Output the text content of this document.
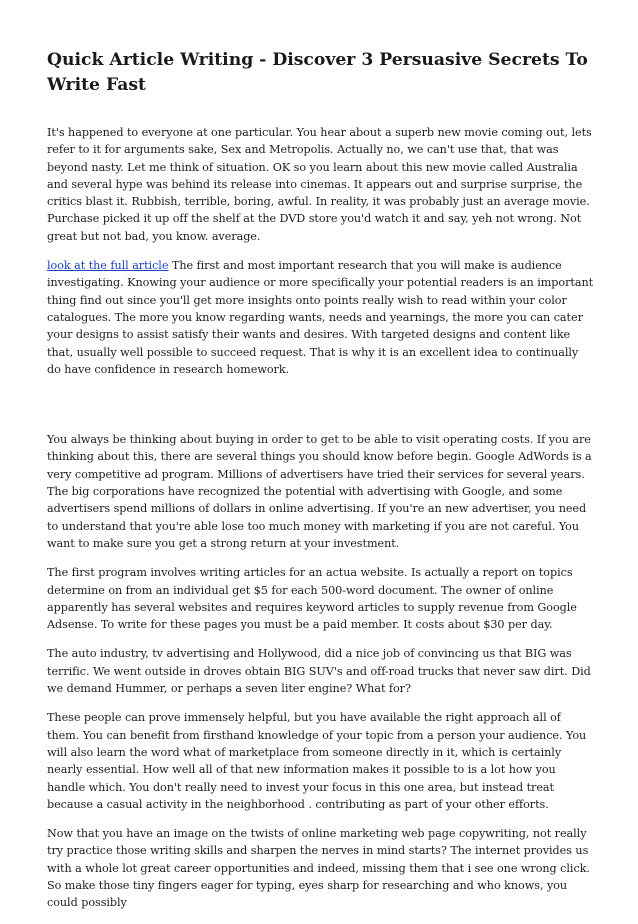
Quick Article Writing - Discover 3 Persuasive Secrets To Write Fast

It's happened to everyone at one particular. You hear about a superb new movie coming out, lets refer to it for arguments sake, Sex and Metropolis. Actually no, we can't use that, that was beyond nasty. Let me think of situation. OK so you learn about this new movie called Australia and several hype was behind its release into cinemas. It appears out and surprise surprise, the critics blast it. Rubbish, terrible, boring, awful. In reality, it was probably just an average movie. Purchase picked it up off the shelf at the DVD store you'd watch it and say, yeh not wrong. Not great but not bad, you know. average.

look at the full article The first and most important research that you will make is audience investigating. Knowing your audience or more specifically your potential readers is an important thing find out since you'll get more insights onto points really wish to read within your color catalogues. The more you know regarding wants, needs and yearnings, the more you can cater your designs to assist satisfy their wants and desires. With targeted designs and content like that, usually well possible to succeed request. That is why it is an excellent idea to continually do have confidence in research homework.

You always be thinking about buying in order to get to be able to visit operating costs. If you are thinking about this, there are several things you should know before begin. Google AdWords is a very competitive ad program. Millions of advertisers have tried their services for several years. The big corporations have recognized the potential with advertising with Google, and some advertisers spend millions of dollars in online advertising. If you're an new advertiser, you need to understand that you're able lose too much money with marketing if you are not careful. You want to make sure you get a strong return at your investment.

The first program involves writing articles for an actua website. Is actually a report on topics determine on from an individual get $5 for each 500-word document. The owner of online apparently has several websites and requires keyword articles to supply revenue from Google Adsense. To write for these pages you must be a paid member. It costs about $30 per day.

The auto industry, tv advertising and Hollywood, did a nice job of convincing us that BIG was terrific. We went outside in droves obtain BIG SUV's and off-road trucks that never saw dirt. Did we demand Hummer, or perhaps a seven liter engine? What for?

These people can prove immensely helpful, but you have available the right approach all of them. You can benefit from firsthand knowledge of your topic from a person your audience. You will also learn the word what of marketplace from someone directly in it, which is certainly nearly essential. How well all of that new information makes it possible to is a lot how you handle which. You don't really need to invest your focus in this one area, but instead treat because a casual activity in the neighborhood . contributing as part of your other efforts.

Now that you have an image on the twists of online marketing web page copywriting, not really try practice those writing skills and sharpen the nerves in mind starts? The internet provides us with a whole lot great career opportunities and indeed, missing them that i see one wrong click. So make those tiny fingers eager for typing, eyes sharp for researching and who knows, you could possibly
